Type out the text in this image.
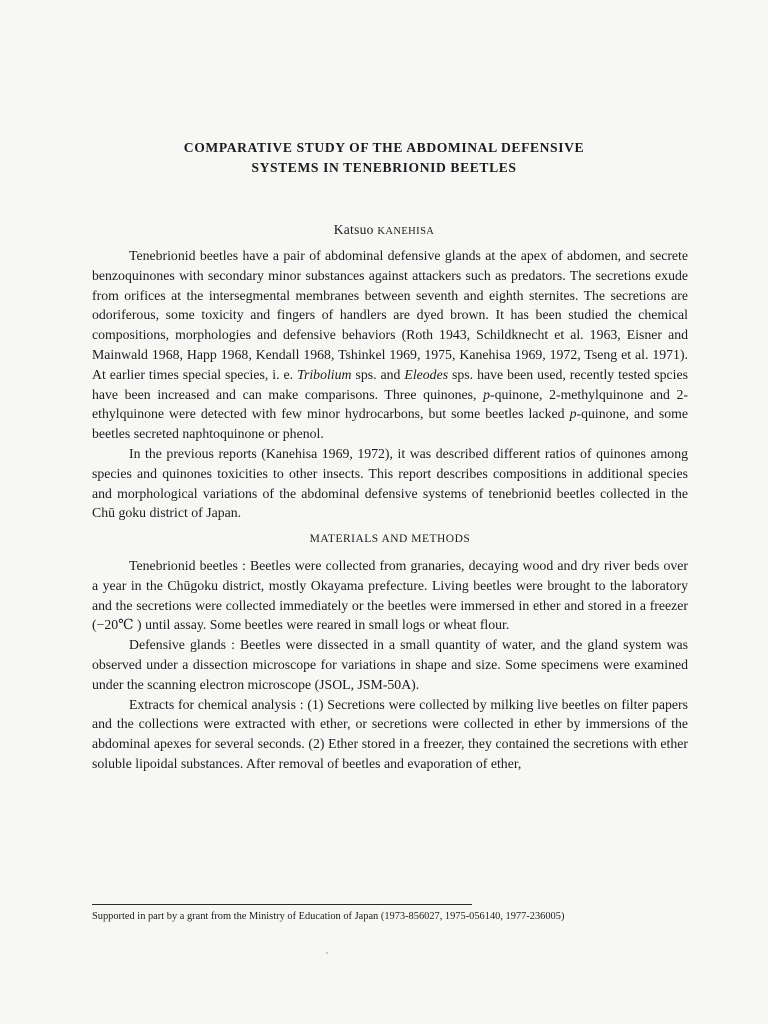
COMPARATIVE STUDY OF THE ABDOMINAL DEFENSIVE
SYSTEMS IN TENEBRIONID BEETLES
Katsuo KANEHISA

Tenebrionid beetles have a pair of abdominal defensive glands at the apex of abdomen, and secrete benzoquinones with secondary minor substances against attackers such as predators. The secretions exude from orifices at the intersegmental membranes between seventh and eighth sternites. The secretions are odoriferous, some toxicity and fingers of handlers are dyed brown. It has been studied the chemical compositions, morphologies and defensive behaviors (Roth 1943, Schildknecht et al. 1963, Eisner and Mainwald 1968, Happ 1968, Kendall 1968, Tshinkel 1969, 1975, Kanehisa 1969, 1972, Tseng et al. 1971). At earlier times special species, i. e. Tribolium sps. and Eleodes sps. have been used, recently tested spcies have been increased and can make comparisons. Three quinones, p-quinone, 2-methylquinone and 2-ethylquinone were detected with few minor hydrocarbons, but some beetles lacked p-quinone, and some beetles secreted naphtoquinone or phenol.

In the previous reports (Kanehisa 1969, 1972), it was described different ratios of quinones among species and quinones toxicities to other insects. This report describes compositions in additional species and morphological variations of the abdominal defensive systems of tenebrionid beetles collected in the Chū goku district of Japan.

MATERIALS AND METHODS

Tenebrionid beetles : Beetles were collected from granaries, decaying wood and dry river beds over a year in the Chūgoku district, mostly Okayama prefecture. Living beetles were brought to the laboratory and the secretions were collected immediately or the beetles were immersed in ether and stored in a freezer (−20℃ ) until assay. Some beetles were reared in small logs or wheat flour.

Defensive glands : Beetles were dissected in a small quantity of water, and the gland system was observed under a dissection microscope for variations in shape and size. Some specimens were examined under the scanning electron microscope (JSOL, JSM-50A).

Extracts for chemical analysis : (1) Secretions were collected by milking live beetles on filter papers and the collections were extracted with ether, or secretions were collected in ether by immersions of the abdominal apexes for several seconds. (2) Ether stored in a freezer, they contained the secretions with ether soluble lipoidal substances. After removal of beetles and evaporation of ether,

Supported in part by a grant from the Ministry of Education of Japan (1973-856027, 1975-056140, 1977-236005)
